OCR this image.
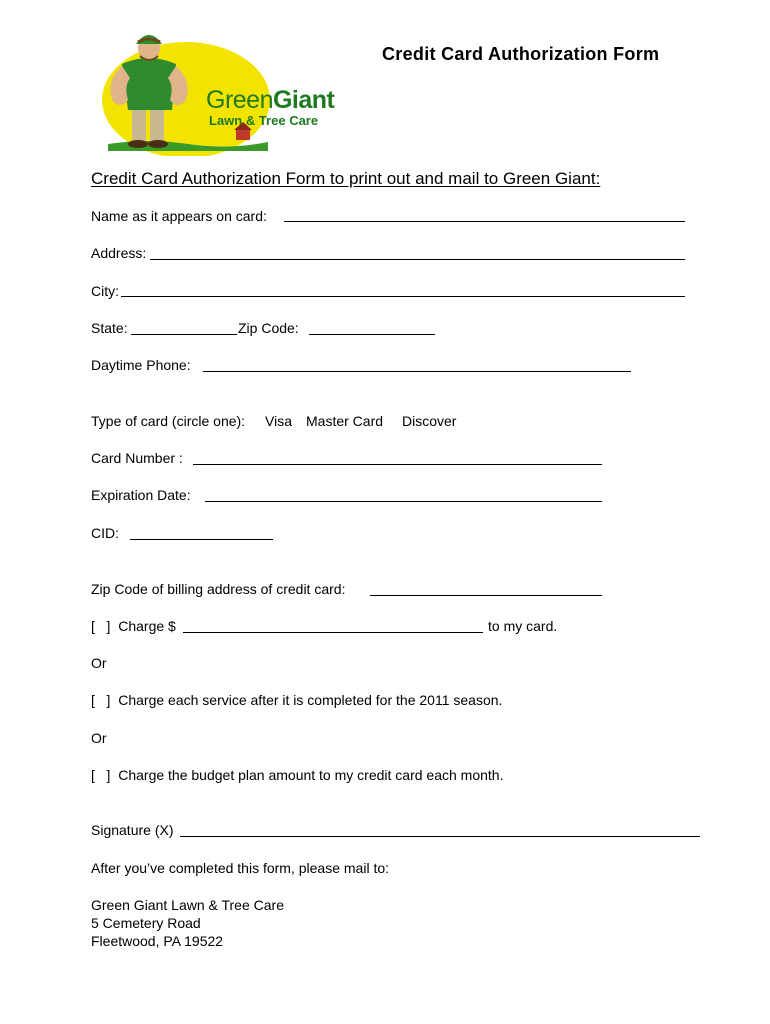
GreenGiant
Lawn & Tree Care
Credit Card Authorization Form
Credit Card Authorization Form to print out and mail to Green Giant:
Name as it appears on card:
Address:
City:
State:	Zip Code:
Daytime Phone:
Type of card (circle one): Visa Master Card Discover
Card Number :
Expiration Date:
CID:
Zip Code of billing address of credit card:
[   ]  Charge $	to my card.
Or
[   ]  Charge each service after it is completed for the 2011 season.
Or
[   ]  Charge the budget plan amount to my credit card each month.
Signature (X)
After you’ve completed this form, please mail to:
Green Giant Lawn & Tree Care
5 Cemetery Road
Fleetwood, PA 19522
